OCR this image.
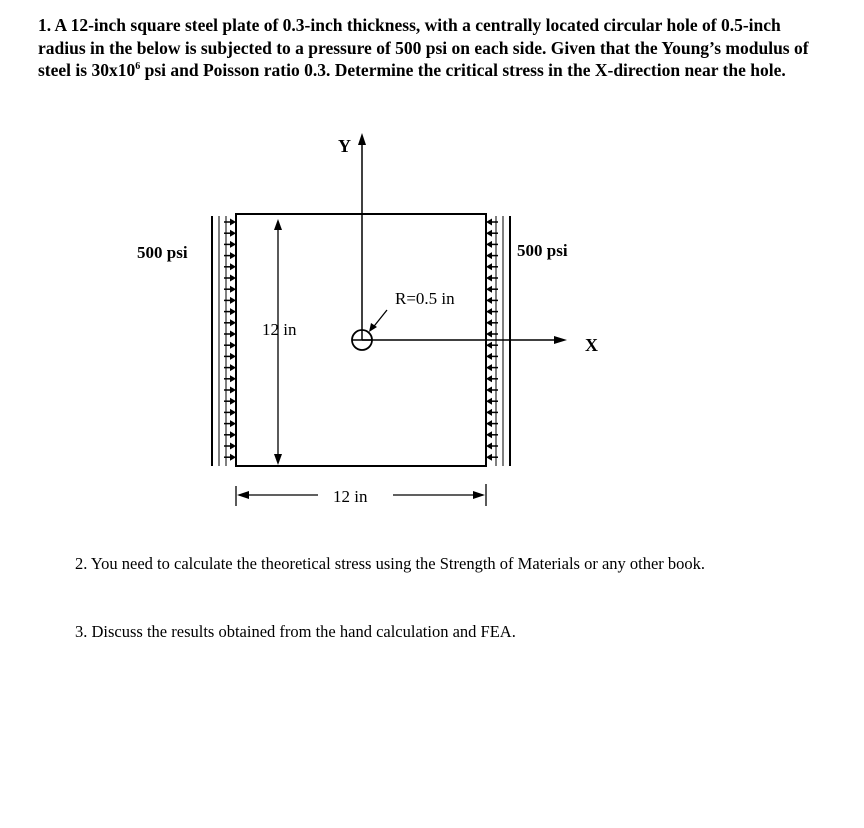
1. A 12-inch square steel plate of 0.3-inch thickness, with a centrally located circular hole of 0.5-inch radius in the below is subjected to a pressure of 500 psi on each side. Given that the Young’s modulus of steel is $30x10^6$ psi and Poisson ratio 0.3. Determine the critical stress in the X-direction near the hole.

Y
X
R=0.5 in
12 in
12 in
500 psi	500 psi

2. You need to calculate the theoretical stress using the Strength of Materials or any other book.

3. Discuss the results obtained from the hand calculation and FEA.
